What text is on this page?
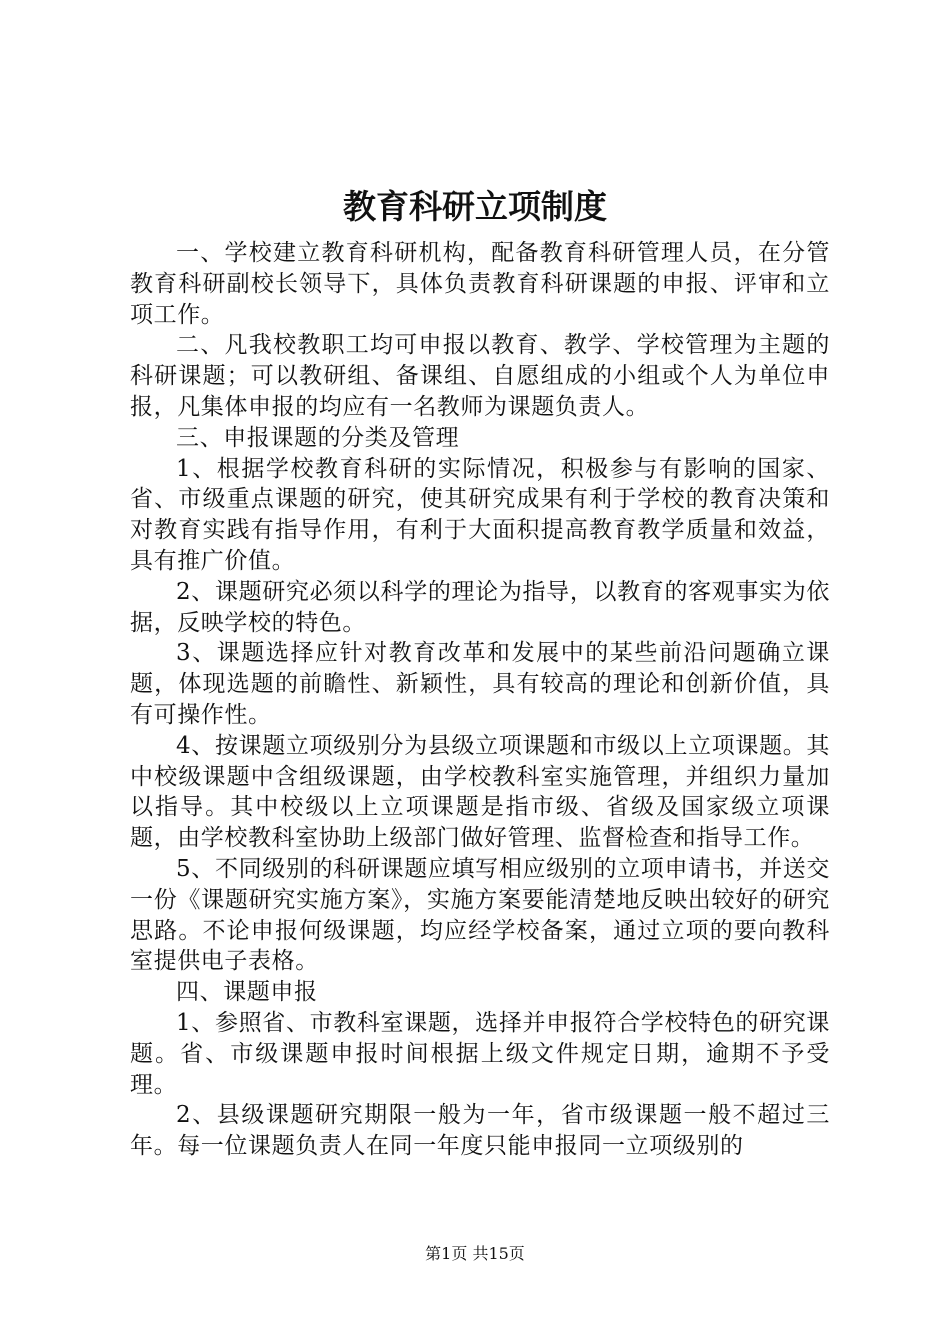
教育科研立项制度

一、学校建立教育科研机构，配备教育科研管理人员，在分管教育科研副校长领导下，具体负责教育科研课题的申报、评审和立项工作。

二、凡我校教职工均可申报以教育、教学、学校管理为主题的科研课题；可以教研组、备课组、自愿组成的小组或个人为单位申报，凡集体申报的均应有一名教师为课题负责人。

三、申报课题的分类及管理

1、根据学校教育科研的实际情况，积极参与有影响的国家、省、市级重点课题的研究，使其研究成果有利于学校的教育决策和对教育实践有指导作用，有利于大面积提高教育教学质量和效益，具有推广价值。

2、课题研究必须以科学的理论为指导，以教育的客观事实为依据，反映学校的特色。

3、课题选择应针对教育改革和发展中的某些前沿问题确立课题，体现选题的前瞻性、新颖性，具有较高的理论和创新价值，具有可操作性。

4、按课题立项级别分为县级立项课题和市级以上立项课题。其中校级课题中含组级课题，由学校教科室实施管理，并组织力量加以指导。其中校级以上立项课题是指市级、省级及国家级立项课题，由学校教科室协助上级部门做好管理、监督检查和指导工作。

5、不同级别的科研课题应填写相应级别的立项申请书，并送交一份《课题研究实施方案》，实施方案要能清楚地反映出较好的研究思路。不论申报何级课题，均应经学校备案，通过立项的要向教科室提供电子表格。

四、课题申报

1、参照省、市教科室课题，选择并申报符合学校特色的研究课题。省、市级课题申报时间根据上级文件规定日期，逾期不予受理。

2、县级课题研究期限一般为一年，省市级课题一般不超过三年。每一位课题负责人在同一年度只能申报同一立项级别的

第1页 共15页
